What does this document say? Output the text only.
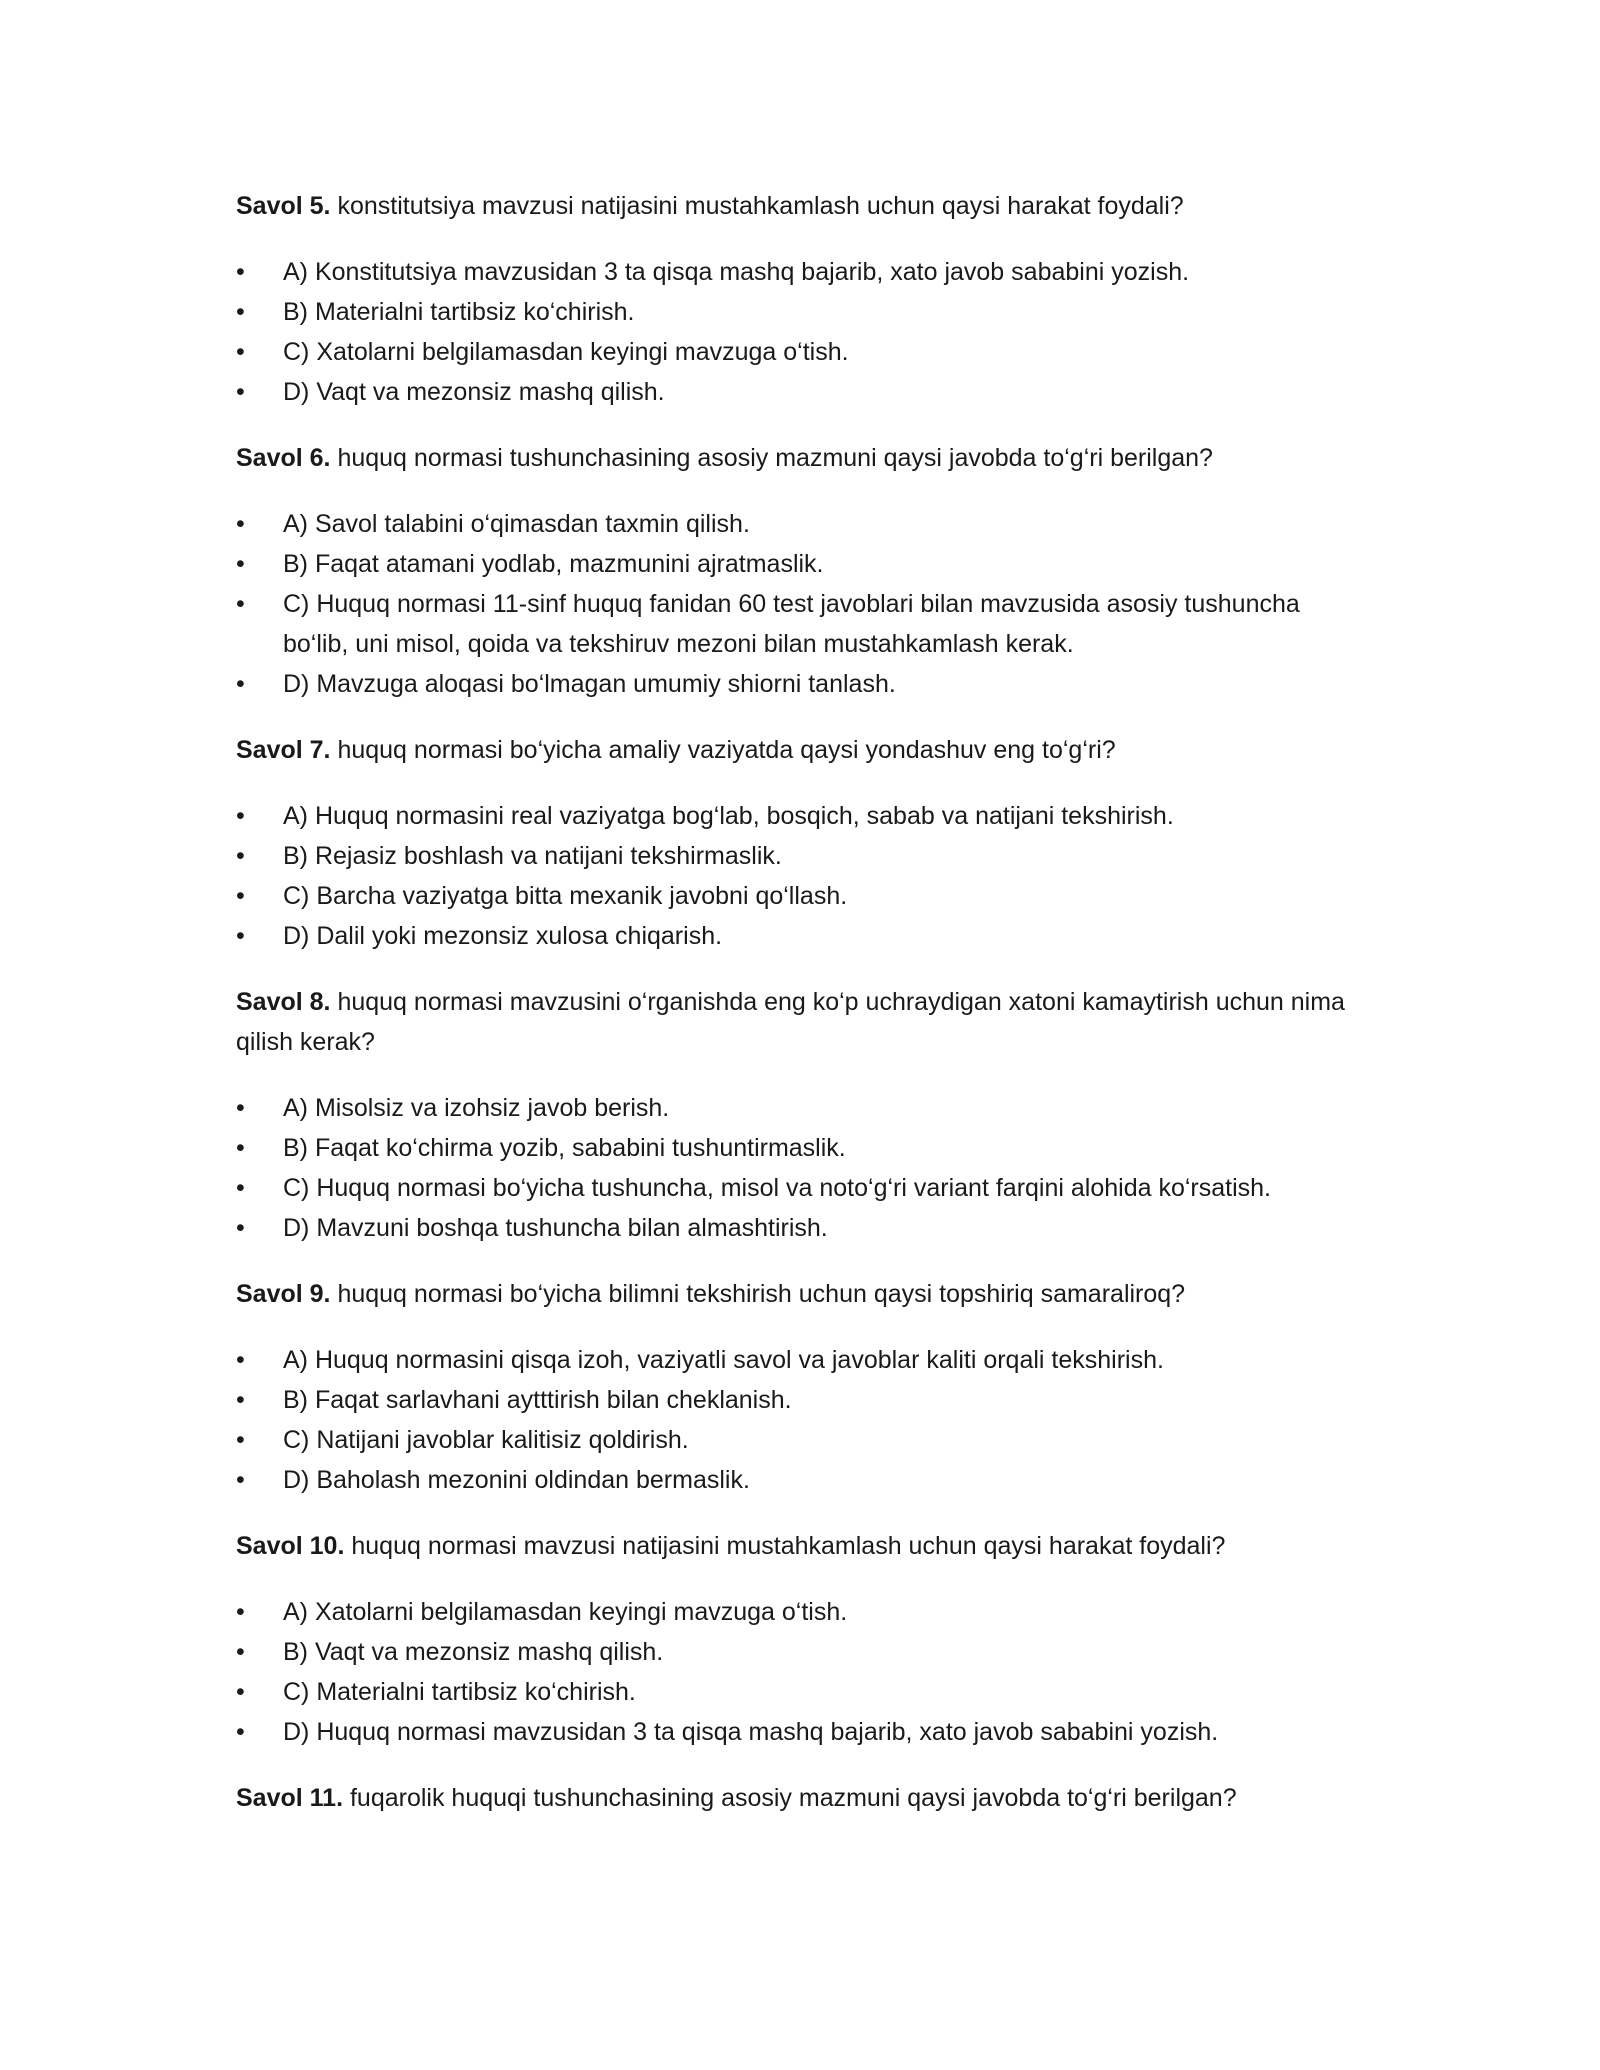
Savol 5. konstitutsiya mavzusi natijasini mustahkamlash uchun qaysi harakat foydali?

•	A) Konstitutsiya mavzusidan 3 ta qisqa mashq bajarib, xato javob sababini yozish.
•	B) Materialni tartibsiz ko‘chirish.
•	C) Xatolarni belgilamasdan keyingi mavzuga o‘tish.
•	D) Vaqt va mezonsiz mashq qilish.

Savol 6. huquq normasi tushunchasining asosiy mazmuni qaysi javobda to‘g‘ri berilgan?

•	A) Savol talabini o‘qimasdan taxmin qilish.
•	B) Faqat atamani yodlab, mazmunini ajratmaslik.
•	C) Huquq normasi 11-sinf huquq fanidan 60 test javoblari bilan mavzusida asosiy tushuncha bo‘lib, uni misol, qoida va tekshiruv mezoni bilan mustahkamlash kerak.
•	D) Mavzuga aloqasi bo‘lmagan umumiy shiorni tanlash.

Savol 7. huquq normasi bo‘yicha amaliy vaziyatda qaysi yondashuv eng to‘g‘ri?

•	A) Huquq normasini real vaziyatga bog‘lab, bosqich, sabab va natijani tekshirish.
•	B) Rejasiz boshlash va natijani tekshirmaslik.
•	C) Barcha vaziyatga bitta mexanik javobni qo‘llash.
•	D) Dalil yoki mezonsiz xulosa chiqarish.

Savol 8. huquq normasi mavzusini o‘rganishda eng ko‘p uchraydigan xatoni kamaytirish uchun nima qilish kerak?

•	A) Misolsiz va izohsiz javob berish.
•	B) Faqat ko‘chirma yozib, sababini tushuntirmaslik.
•	C) Huquq normasi bo‘yicha tushuncha, misol va noto‘g‘ri variant farqini alohida ko‘rsatish.
•	D) Mavzuni boshqa tushuncha bilan almashtirish.

Savol 9. huquq normasi bo‘yicha bilimni tekshirish uchun qaysi topshiriq samaraliroq?

•	A) Huquq normasini qisqa izoh, vaziyatli savol va javoblar kaliti orqali tekshirish.
•	B) Faqat sarlavhani aytttirish bilan cheklanish.
•	C) Natijani javoblar kalitisiz qoldirish.
•	D) Baholash mezonini oldindan bermaslik.

Savol 10. huquq normasi mavzusi natijasini mustahkamlash uchun qaysi harakat foydali?

•	A) Xatolarni belgilamasdan keyingi mavzuga o‘tish.
•	B) Vaqt va mezonsiz mashq qilish.
•	C) Materialni tartibsiz ko‘chirish.
•	D) Huquq normasi mavzusidan 3 ta qisqa mashq bajarib, xato javob sababini yozish.

Savol 11. fuqarolik huquqi tushunchasining asosiy mazmuni qaysi javobda to‘g‘ri berilgan?
